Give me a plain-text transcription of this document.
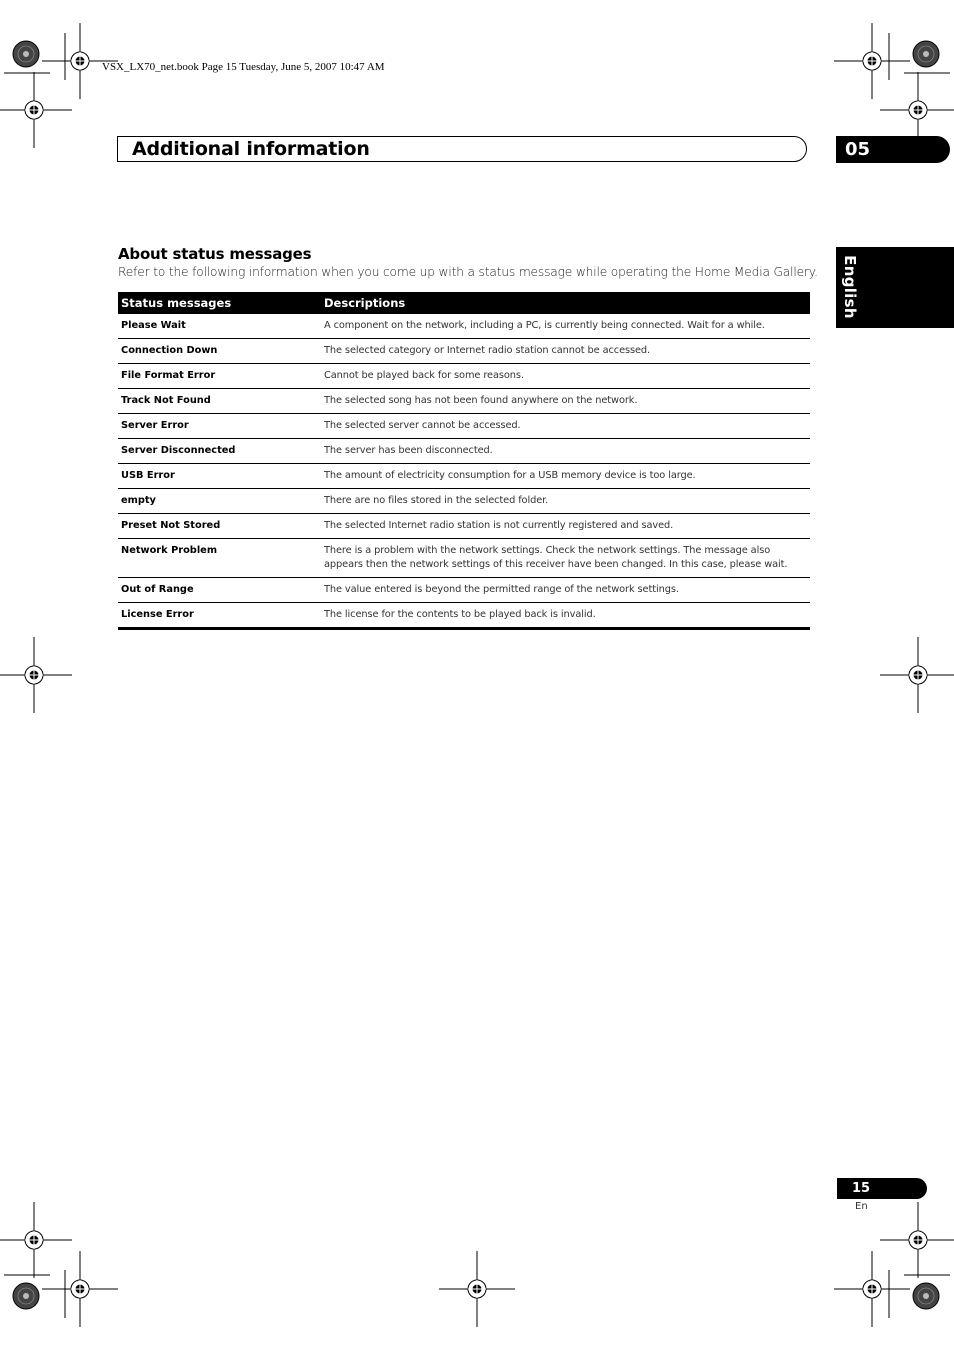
VSX_LX70_net.book Page 15 Tuesday, June 5, 2007 10:47 AM
Additional information	05
English
About status messages
Refer to the following information when you come up with a status message while operating the Home Media Gallery.
Status messages	Descriptions
Please Wait	A component on the network, including a PC, is currently being connected. Wait for a while.
Connection Down	The selected category or Internet radio station cannot be accessed.
File Format Error	Cannot be played back for some reasons.
Track Not Found	The selected song has not been found anywhere on the network.
Server Error	The selected server cannot be accessed.
Server Disconnected	The server has been disconnected.
USB Error	The amount of electricity consumption for a USB memory device is too large.
empty	There are no files stored in the selected folder.
Preset Not Stored	The selected Internet radio station is not currently registered and saved.
Network Problem	There is a problem with the network settings. Check the network settings. The message also appears then the network settings of this receiver have been changed. In this case, please wait.
Out of Range	The value entered is beyond the permitted range of the network settings.
License Error	The license for the contents to be played back is invalid.
15
En
